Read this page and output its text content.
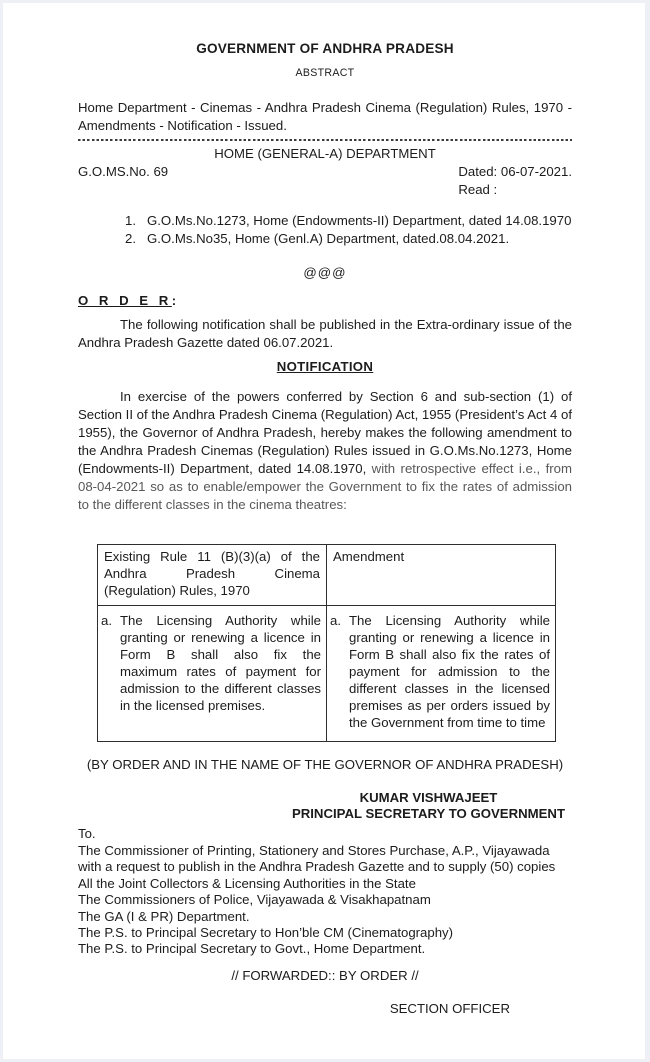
GOVERNMENT OF ANDHRA PRADESH
ABSTRACT
Home Department - Cinemas - Andhra Pradesh Cinema (Regulation) Rules, 1970 - Amendments - Notification - Issued.
HOME (GENERAL-A) DEPARTMENT
G.O.MS.No. 69	Dated: 06-07-2021.
Read :
1. G.O.Ms.No.1273, Home (Endowments-II) Department, dated 14.08.1970
2. G.O.Ms.No35, Home (Genl.A) Department, dated.08.04.2021.
@@@
O R D E R:
The following notification shall be published in the Extra-ordinary issue of the Andhra Pradesh Gazette dated 06.07.2021.
NOTIFICATION
In exercise of the powers conferred by Section 6 and sub-section (1) of Section II of the Andhra Pradesh Cinema (Regulation) Act, 1955 (President’s Act 4 of 1955), the Governor of Andhra Pradesh, hereby makes the following amendment to the Andhra Pradesh Cinemas (Regulation) Rules issued in G.O.Ms.No.1273, Home (Endowments-II) Department, dated 14.08.1970, with retrospective effect i.e., from 08-04-2021 so as to enable/empower the Government to fix the rates of admission to the different classes in the cinema theatres:
Existing Rule 11 (B)(3)(a) of the Andhra Pradesh Cinema (Regulation) Rules, 1970	Amendment

a. The Licensing Authority while granting or renewing a licence in Form B shall also fix the maximum rates of payment for admission to the different classes in the licensed premises.	a. The Licensing Authority while granting or renewing a licence in Form B shall also fix the rates of payment for admission to the different classes in the licensed premises as per orders issued by the Government from time to time
(BY ORDER AND IN THE NAME OF THE GOVERNOR OF ANDHRA PRADESH)
KUMAR VISHWAJEET
PRINCIPAL SECRETARY TO GOVERNMENT
To.
The Commissioner of Printing, Stationery and Stores Purchase, A.P., Vijayawada
with a request to publish in the Andhra Pradesh Gazette and to supply (50) copies
All the Joint Collectors & Licensing Authorities in the State
The Commissioners of Police, Vijayawada & Visakhapatnam
The GA (I & PR) Department.
The P.S. to Principal Secretary to Hon’ble CM (Cinematography)
The P.S. to Principal Secretary to Govt., Home Department.
// FORWARDED:: BY ORDER //
SECTION OFFICER
